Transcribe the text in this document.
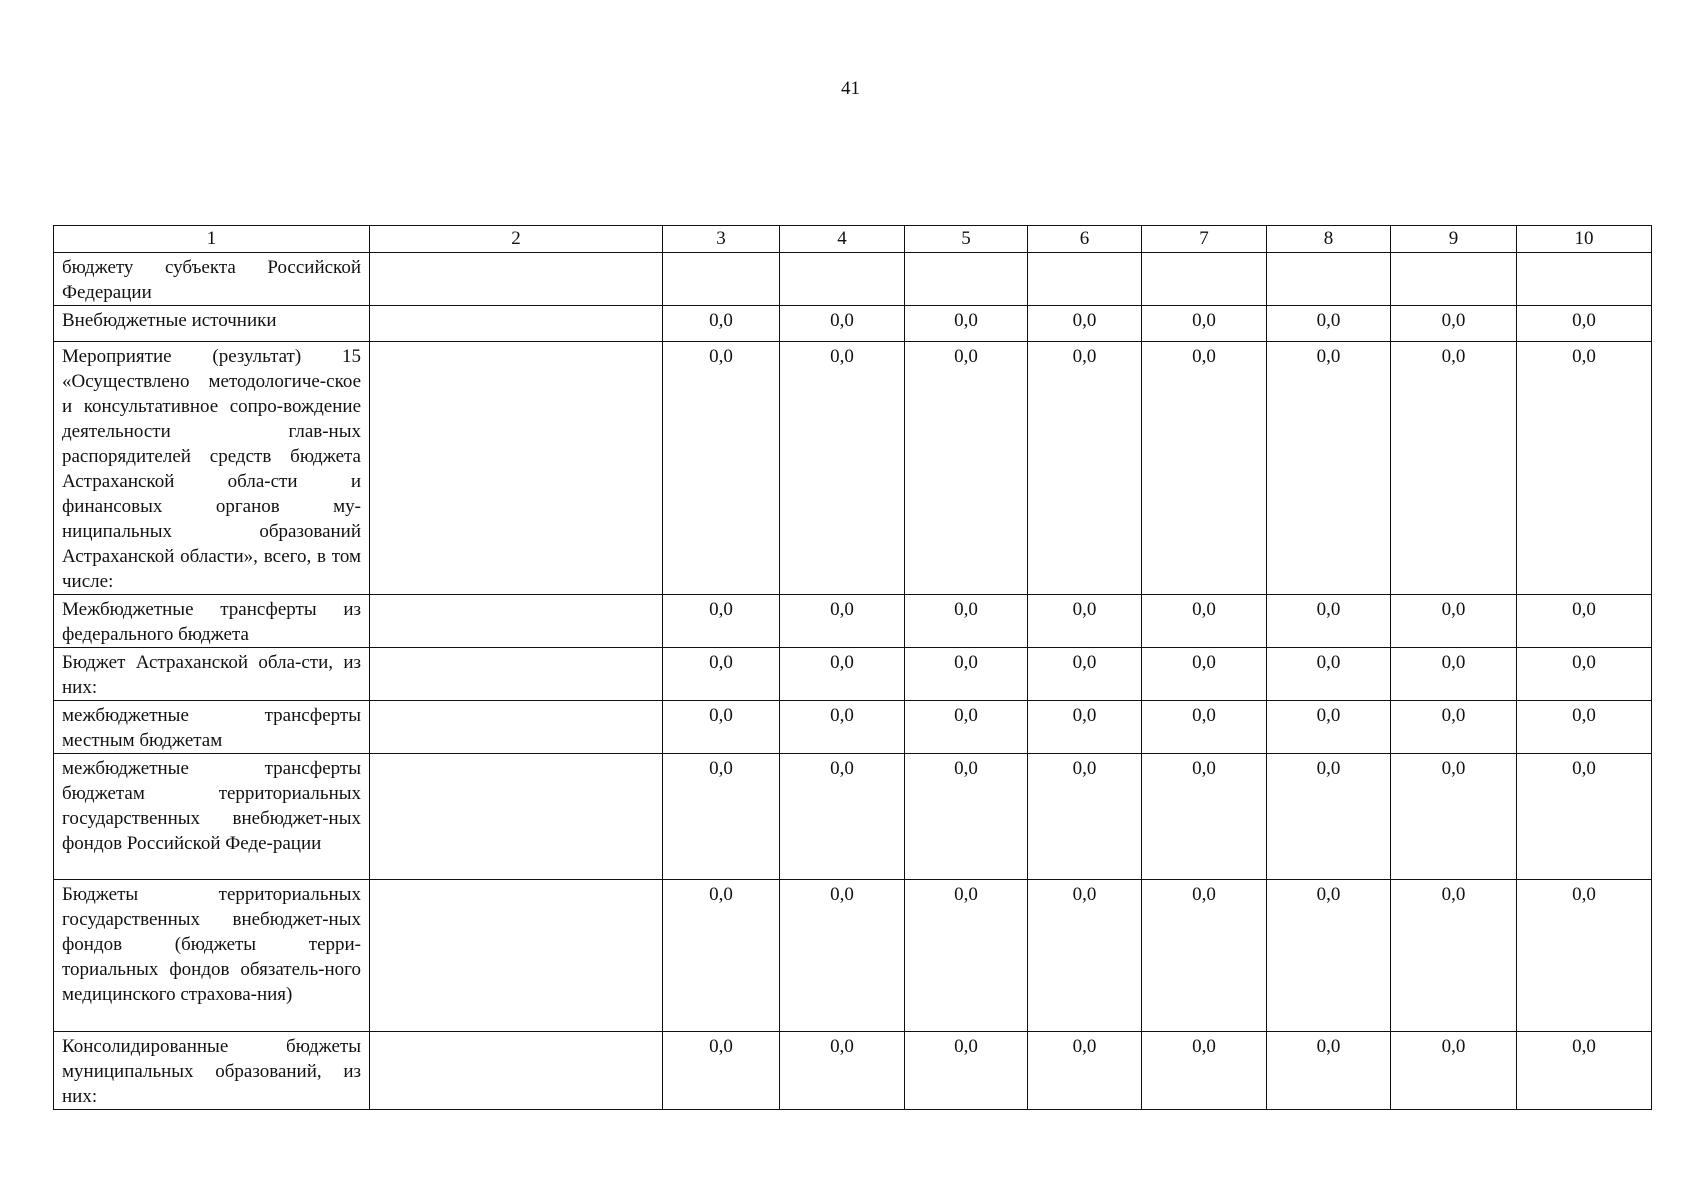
41
1	2	3	4	5	6	7	8	9	10
бюджету субъекта Российской Федерации									
Внебюджетные источники		0,0	0,0	0,0	0,0	0,0	0,0	0,0	0,0
Мероприятие (результат) 15 «Осуществлено методологиче-ское и консультативное сопро-вождение деятельности глав-ных распорядителей средств бюджета Астраханской обла-сти и финансовых органов му-ниципальных образований Астраханской области», всего, в том числе:		0,0	0,0	0,0	0,0	0,0	0,0	0,0	0,0
Межбюджетные трансферты из федерального бюджета		0,0	0,0	0,0	0,0	0,0	0,0	0,0	0,0
Бюджет Астраханской обла-сти, из них:		0,0	0,0	0,0	0,0	0,0	0,0	0,0	0,0
межбюджетные трансферты местным бюджетам		0,0	0,0	0,0	0,0	0,0	0,0	0,0	0,0
межбюджетные трансферты бюджетам территориальных государственных внебюджет-ных фондов Российской Феде-рации		0,0	0,0	0,0	0,0	0,0	0,0	0,0	0,0
Бюджеты территориальных государственных внебюджет-ных фондов (бюджеты терри-ториальных фондов обязатель-ного медицинского страхова-ния)		0,0	0,0	0,0	0,0	0,0	0,0	0,0	0,0
Консолидированные бюджеты муниципальных образований, из них:		0,0	0,0	0,0	0,0	0,0	0,0	0,0	0,0
